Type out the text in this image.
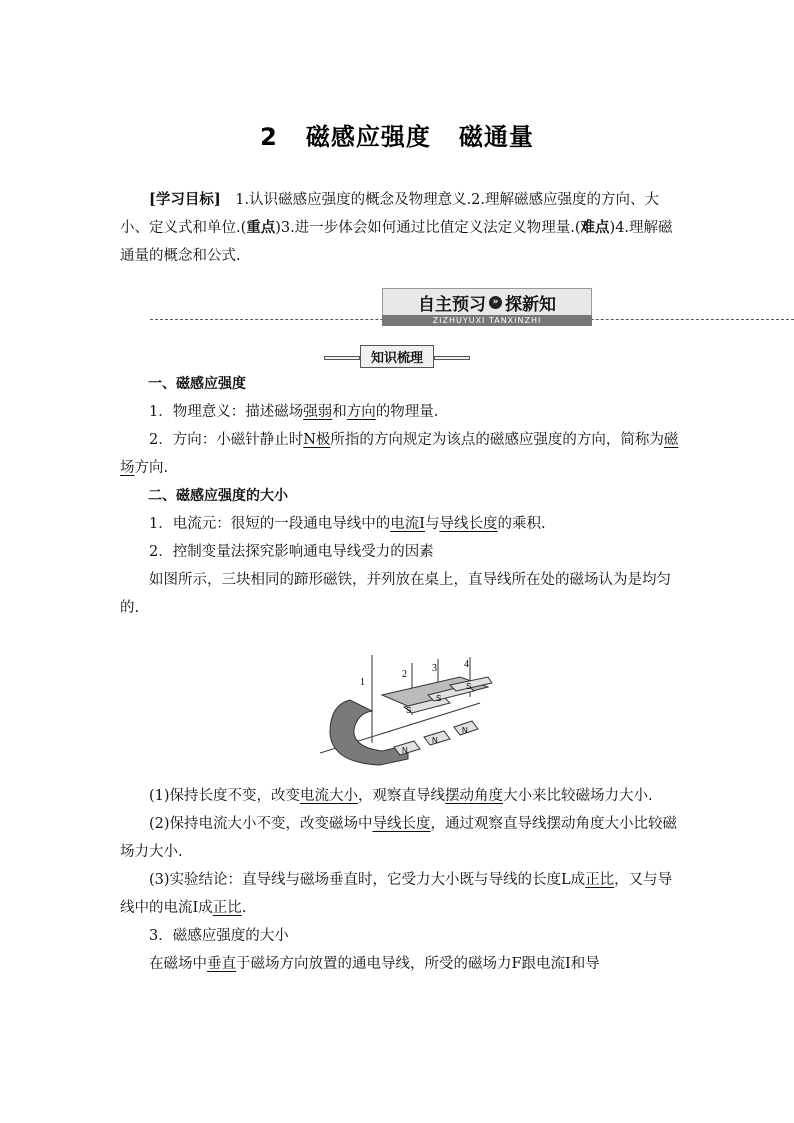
2 磁感应强度 磁通量

[学习目标]　 1.认识磁感应强度的概念及物理意义.2.理解磁感应强度的方向、大小、定义式和单位.(重点)3.进一步体会如何通过比值定义法定义物理量.(难点)4.理解磁通量的概念和公式.

自主预习 » 探新知
ZIZHUYUXI TANXINZHI
知识梳理

一、磁感应强度

1．物理意义：描述磁场强弱和方向的物理量.

2．方向：小磁针静止时N极所指的方向规定为该点的磁感应强度的方向，简称为磁场方向.

二、磁感应强度的大小

1．电流元：很短的一段通电导线中的电流I与导线长度的乘积.

2．控制变量法探究影响通电导线受力的因素

如图所示，三块相同的蹄形磁铁，并列放在桌上，直导线所在处的磁场认为是均匀的.

1
2
3	4
S
S
S
N
N
N

(1)保持长度不变，改变电流大小，观察直导线摆动角度大小来比较磁场力大小.

(2)保持电流大小不变，改变磁场中导线长度，通过观察直导线摆动角度大小比较磁场力大小.

(3)实验结论：直导线与磁场垂直时，它受力大小既与导线的长度L成正比，又与导线中的电流I成正比.

3．磁感应强度的大小

在磁场中垂直于磁场方向放置的通电导线，所受的磁场力F跟电流I和导
